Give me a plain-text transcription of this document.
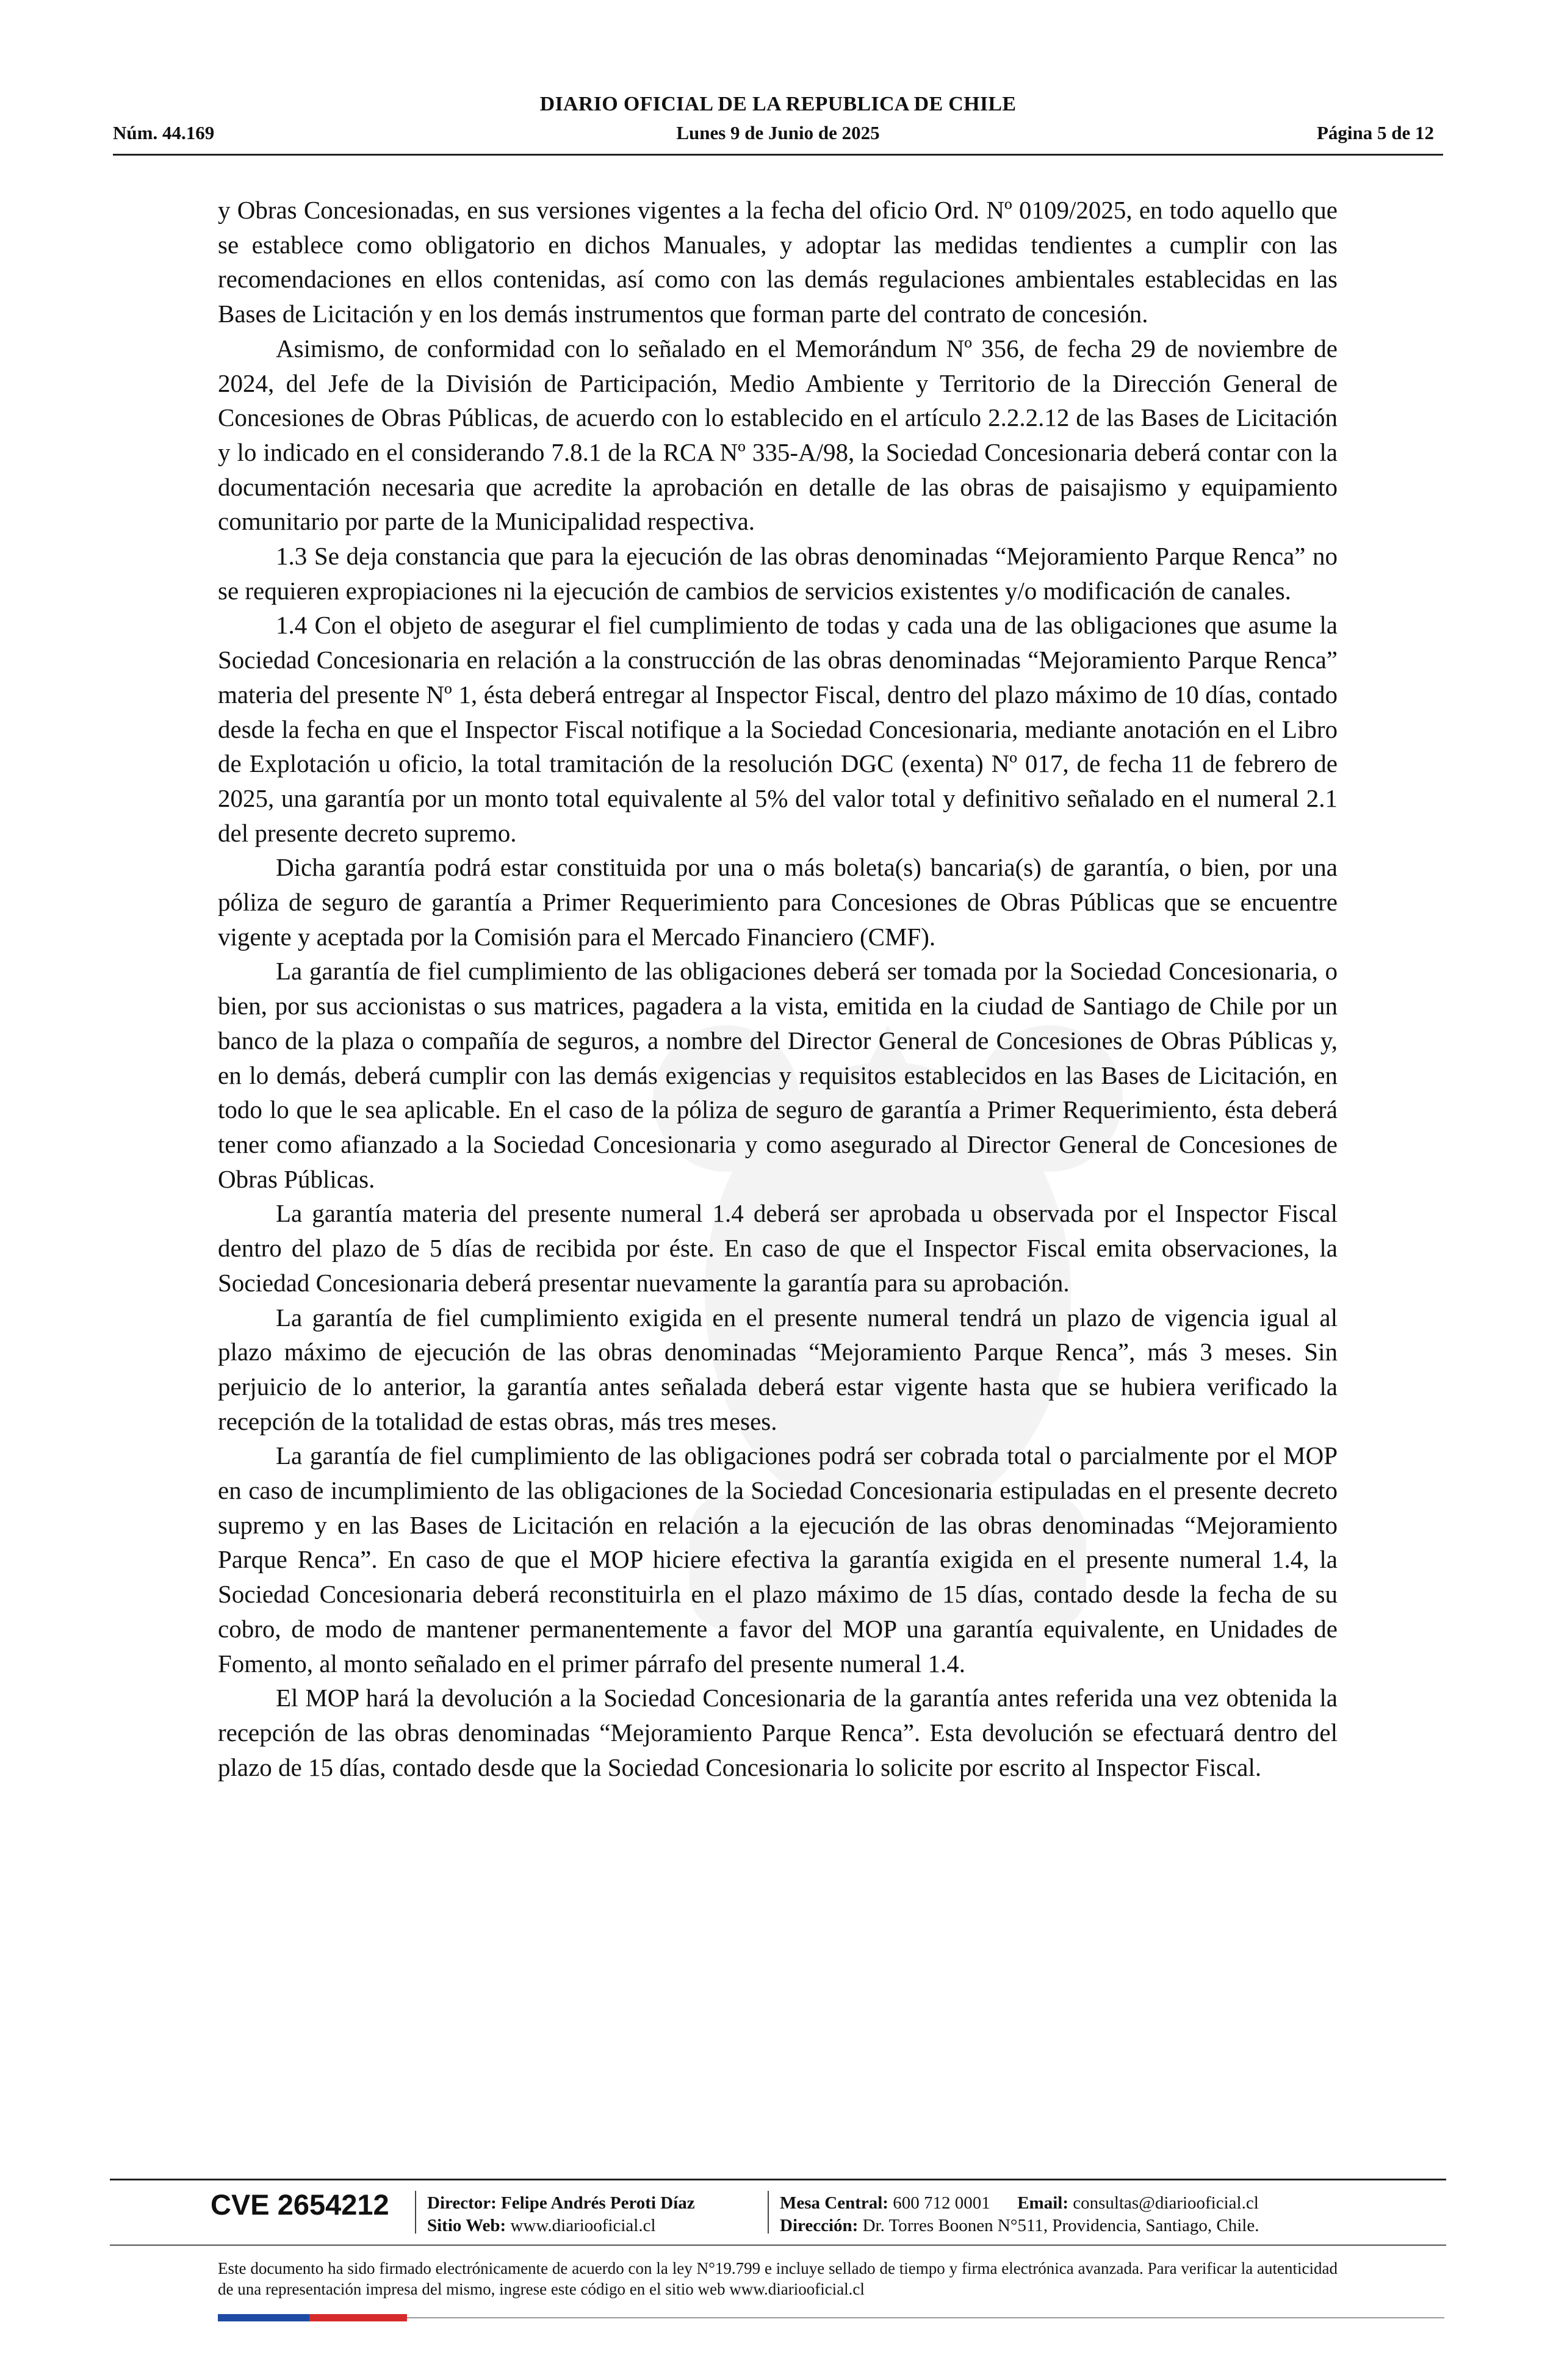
DIARIO OFICIAL DE LA REPUBLICA DE CHILE
Núm. 44.169	Lunes 9 de Junio de 2025	Página 5 de 12

y Obras Concesionadas, en sus versiones vigentes a la fecha del oficio Ord. Nº 0109/2025, en todo aquello que se establece como obligatorio en dichos Manuales, y adoptar las medidas tendientes a cumplir con las recomendaciones en ellos contenidas, así como con las demás regulaciones ambientales establecidas en las Bases de Licitación y en los demás instrumentos que forman parte del contrato de concesión.

Asimismo, de conformidad con lo señalado en el Memorándum Nº 356, de fecha 29 de noviembre de 2024, del Jefe de la División de Participación, Medio Ambiente y Territorio de la Dirección General de Concesiones de Obras Públicas, de acuerdo con lo establecido en el artículo 2.2.2.12 de las Bases de Licitación y lo indicado en el considerando 7.8.1 de la RCA Nº 335-A/98, la Sociedad Concesionaria deberá contar con la documentación necesaria que acredite la aprobación en detalle de las obras de paisajismo y equipamiento comunitario por parte de la Municipalidad respectiva.

1.3 Se deja constancia que para la ejecución de las obras denominadas “Mejoramiento Parque Renca” no se requieren expropiaciones ni la ejecución de cambios de servicios existentes y/o modificación de canales.

1.4 Con el objeto de asegurar el fiel cumplimiento de todas y cada una de las obligaciones que asume la Sociedad Concesionaria en relación a la construcción de las obras denominadas “Mejoramiento Parque Renca” materia del presente Nº 1, ésta deberá entregar al Inspector Fiscal, dentro del plazo máximo de 10 días, contado desde la fecha en que el Inspector Fiscal notifique a la Sociedad Concesionaria, mediante anotación en el Libro de Explotación u oficio, la total tramitación de la resolución DGC (exenta) Nº 017, de fecha 11 de febrero de 2025, una garantía por un monto total equivalente al 5% del valor total y definitivo señalado en el numeral 2.1 del presente decreto supremo.

Dicha garantía podrá estar constituida por una o más boleta(s) bancaria(s) de garantía, o bien, por una póliza de seguro de garantía a Primer Requerimiento para Concesiones de Obras Públicas que se encuentre vigente y aceptada por la Comisión para el Mercado Financiero (CMF).

La garantía de fiel cumplimiento de las obligaciones deberá ser tomada por la Sociedad Concesionaria, o bien, por sus accionistas o sus matrices, pagadera a la vista, emitida en la ciudad de Santiago de Chile por un banco de la plaza o compañía de seguros, a nombre del Director General de Concesiones de Obras Públicas y, en lo demás, deberá cumplir con las demás exigencias y requisitos establecidos en las Bases de Licitación, en todo lo que le sea aplicable. En el caso de la póliza de seguro de garantía a Primer Requerimiento, ésta deberá tener como afianzado a la Sociedad Concesionaria y como asegurado al Director General de Concesiones de Obras Públicas.

La garantía materia del presente numeral 1.4 deberá ser aprobada u observada por el Inspector Fiscal dentro del plazo de 5 días de recibida por éste. En caso de que el Inspector Fiscal emita observaciones, la Sociedad Concesionaria deberá presentar nuevamente la garantía para su aprobación.

La garantía de fiel cumplimiento exigida en el presente numeral tendrá un plazo de vigencia igual al plazo máximo de ejecución de las obras denominadas “Mejoramiento Parque Renca”, más 3 meses. Sin perjuicio de lo anterior, la garantía antes señalada deberá estar vigente hasta que se hubiera verificado la recepción de la totalidad de estas obras, más tres meses.

La garantía de fiel cumplimiento de las obligaciones podrá ser cobrada total o parcialmente por el MOP en caso de incumplimiento de las obligaciones de la Sociedad Concesionaria estipuladas en el presente decreto supremo y en las Bases de Licitación en relación a la ejecución de las obras denominadas “Mejoramiento Parque Renca”. En caso de que el MOP hiciere efectiva la garantía exigida en el presente numeral 1.4, la Sociedad Concesionaria deberá reconstituirla en el plazo máximo de 15 días, contado desde la fecha de su cobro, de modo de mantener permanentemente a favor del MOP una garantía equivalente, en Unidades de Fomento, al monto señalado en el primer párrafo del presente numeral 1.4.

El MOP hará la devolución a la Sociedad Concesionaria de la garantía antes referida una vez obtenida la recepción de las obras denominadas “Mejoramiento Parque Renca”. Esta devolución se efectuará dentro del plazo de 15 días, contado desde que la Sociedad Concesionaria lo solicite por escrito al Inspector Fiscal.

CVE 2654212 Director: Felipe Andrés Peroti Díaz
Sitio Web: www.diariooficial.cl
Mesa Central: 600 712 0001 Email: consultas@diariooficial.cl
Dirección: Dr. Torres Boonen N°511, Providencia, Santiago, Chile.
Este documento ha sido firmado electrónicamente de acuerdo con la ley N°19.799 e incluye sellado de tiempo y firma electrónica avanzada. Para verificar la autenticidad de una representación impresa del mismo, ingrese este código en el sitio web www.diariooficial.cl
